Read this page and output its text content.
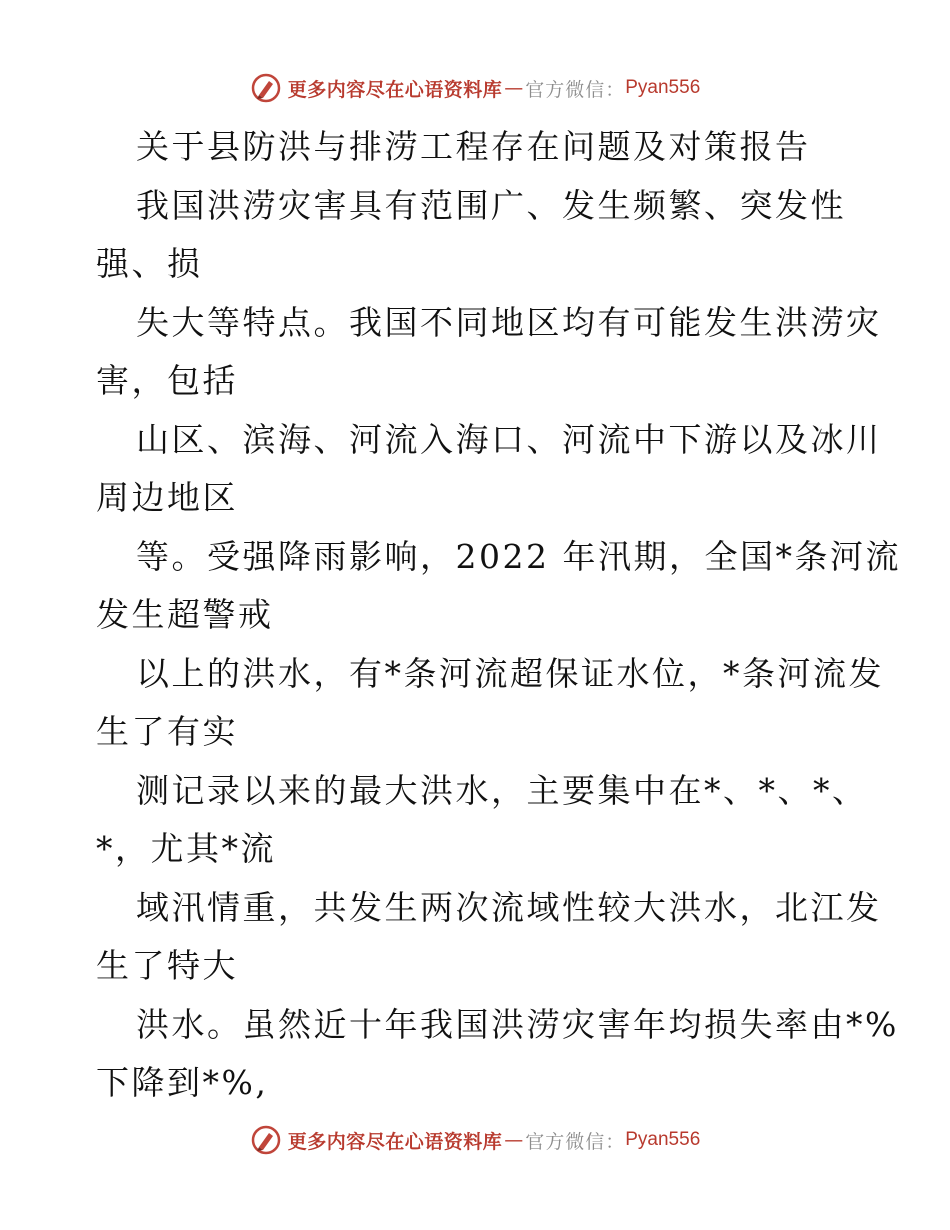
更多内容尽在心语资料库 — 官方微信： Pyan556
关于县防洪与排涝工程存在问题及对策报告
我国洪涝灾害具有范围广、发生频繁、突发性
强、损
失大等特点。我国不同地区均有可能发生洪涝灾
害，包括
山区、滨海、河流入海口、河流中下游以及冰川
周边地区
等。受强降雨影响，2022 年汛期，全国*条河流
发生超警戒
以上的洪水，有*条河流超保证水位，*条河流发
生了有实
测记录以来的最大洪水，主要集中在*、*、*、
*，尤其*流
域汛情重，共发生两次流域性较大洪水，北江发
生了特大
洪水。虽然近十年我国洪涝灾害年均损失率由*%
下降到*%,
更多内容尽在心语资料库 — 官方微信： Pyan556
